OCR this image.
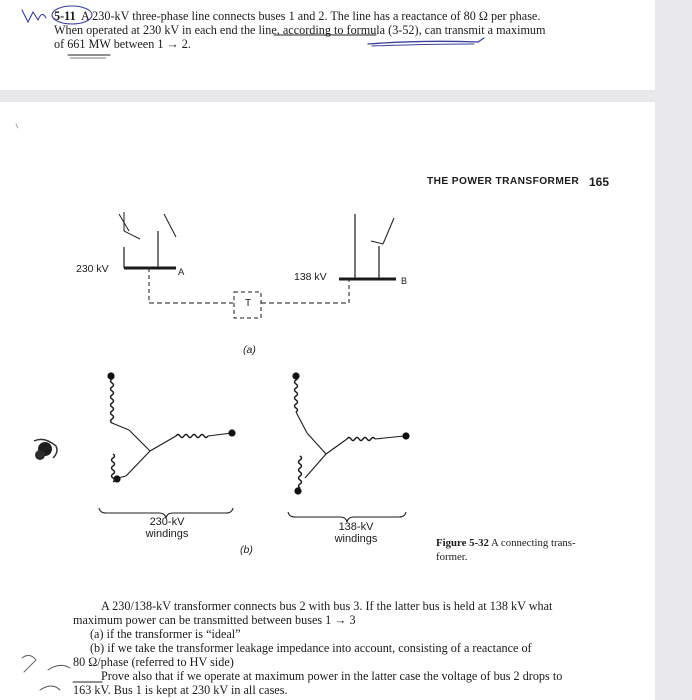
5-11 A 230-kV three-phase line connects buses 1 and 2. The line has a reactance of 80 Ω per phase.
When operated at 230 kV in each end the line, according to formula (3-52), can transmit a maximum
of 661 MW between 1 → 2.
THE POWER TRANSFORMER 165
230 kV	A	138 kV	B
T
(a)
230-kV
windings
138-kV
windings
(b)
Figure 5-32 A connecting trans-
former.
A 230/138-kV transformer connects bus 2 with bus 3. If the latter bus is held at 138 kV what
maximum power can be transmitted between buses 1 → 3
(a) if the transformer is “ideal”
(b) if we take the transformer leakage impedance into account, consisting of a reactance of
80 Ω/phase (referred to HV side)
Prove also that if we operate at maximum power in the latter case the voltage of bus 2 drops to
163 kV. Bus 1 is kept at 230 kV in all cases.
